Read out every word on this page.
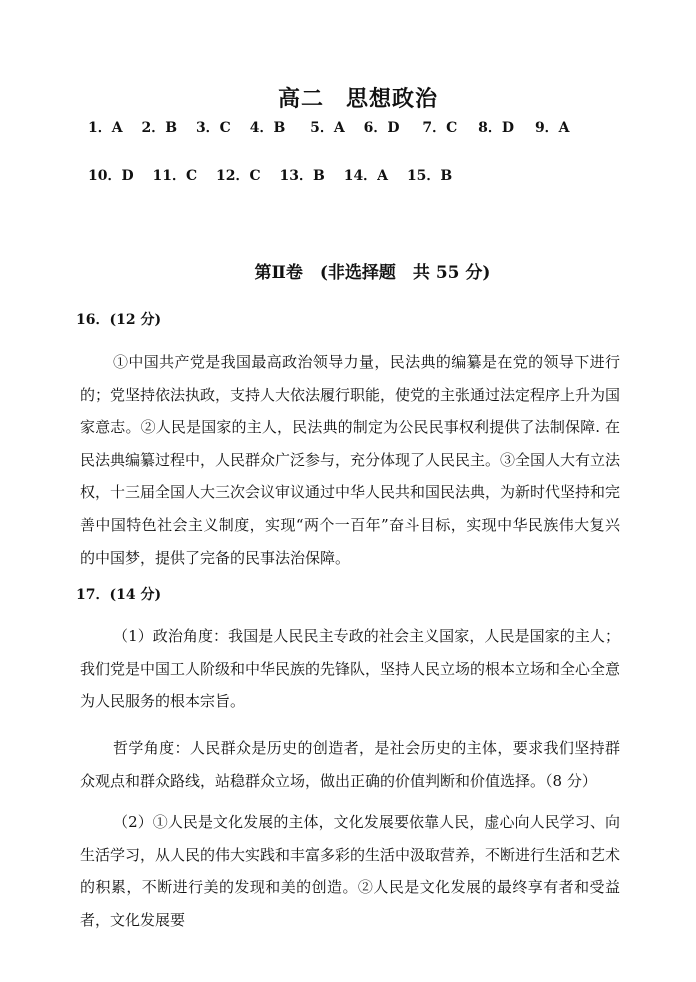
高二 思想政治
1．A 2．B 3．C 4．B 5．A 6．D 7．C 8．D 9．A
10．D 11．C 12．C 13．B 14．A 15．B
第Ⅱ卷　(非选择题　共 55 分)
16．(12 分)
①中国共产党是我国最高政治领导力量，民法典的编纂是在党的领导下进行的；党坚持依法执政，支持人大依法履行职能，使党的主张通过法定程序上升为国家意志。②人民是国家的主人，民法典的制定为公民民事权利提供了法制保障. 在民法典编纂过程中，人民群众广泛参与，充分体现了人民民主。③全国人大有立法权，十三届全国人大三次会议审议通过中华人民共和国民法典，为新时代坚持和完善中国特色社会主义制度，实现“两个一百年”奋斗目标，实现中华民族伟大复兴的中国梦，提供了完备的民事法治保障。
17．(14 分)
（1）政治角度：我国是人民民主专政的社会主义国家，人民是国家的主人；我们党是中国工人阶级和中华民族的先锋队，坚持人民立场的根本立场和全心全意为人民服务的根本宗旨。
哲学角度：人民群众是历史的创造者，是社会历史的主体，要求我们坚持群众观点和群众路线，站稳群众立场，做出正确的价值判断和价值选择。（8 分）
（2）①人民是文化发展的主体，文化发展要依靠人民，虚心向人民学习、向生活学习，从人民的伟大实践和丰富多彩的生活中汲取营养，不断进行生活和艺术的积累，不断进行美的发现和美的创造。②人民是文化发展的最终享有者和受益者，文化发展要
